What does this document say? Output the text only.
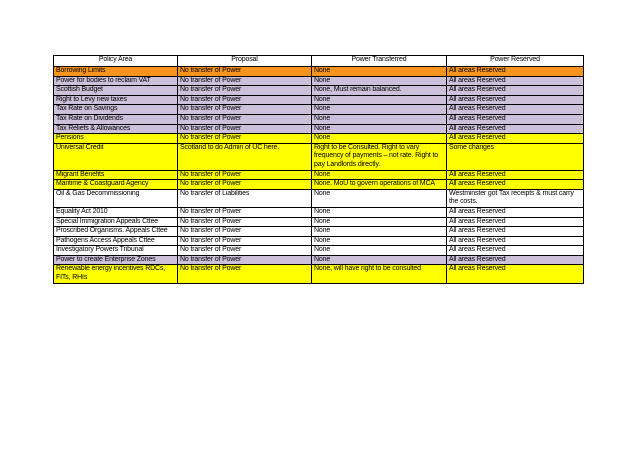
Policy Area	Proposal	Power Transferred	Power Reserved
Borrowing Limits	No transfer of Power	None	All areas Reserved
Power for bodies to reclaim VAT	No transfer of Power	None	All areas Reserved
Scottish Budget	No transfer of Power	None, Must remain balanced.	All areas Reserved
Right to Levy new taxes	No transfer of Power	None	All areas Reserved
Tax Rate on Savings	No transfer of Power	None	All areas Reserved
Tax Rate on Dividends	No transfer of Power	None	All areas Reserved
Tax Reliefs & Allowances	No transfer of Power	None	All areas Reserved
Pensions	No transfer of Power	None	All areas Reserved
Universal Credit	Scotland to do Admin of UC here.	Right to be Consulted. Right to vary frequency of payments – not rate. Right to pay Landlords directly.	Some changes
Migrant Benefits	No transfer of Power	None	All areas Reserved
Maritime & Coastguard Agency	No transfer of Power	None. MoU to govern operations of MCA	All areas Reserved
Oil & Gas Decommissioning	No transfer of Liabilities	None	Westminster got Tax receipts & must carry the costs.
Equality Act 2010	No transfer of Power	None	All areas Reserved
Special Immigration Appeals Cttee	No transfer of Power	None	All areas Reserved
Proscribed Organisms. Appeals Cttee	No transfer of Power	None	All areas Reserved
Pathogens Access Appeals Cttee	No transfer of Power	None	All areas Reserved
Investigatory Powers Tribunal	No transfer of Power	None	All areas Reserved
Power to create Enterprise Zones	No transfer of Power	None	All areas Reserved
Renewable energy incentives RDCs, FITs, RHIs	No transfer of Power	None, will have right to be consulted	All areas Reserved
